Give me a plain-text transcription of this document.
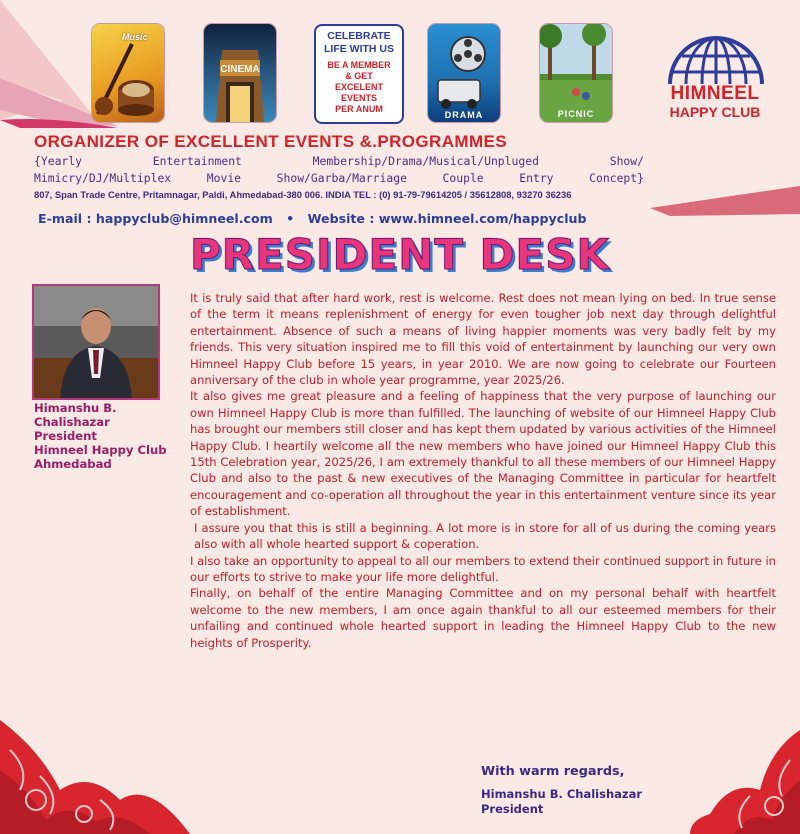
Music
CINEMA
CELEBRATE
LIFE WITH US
BE A MEMBER
& GET
EXCELENT EVENTS
PER ANUM
DRAMA	PICNIC
HIMNEEL
HAPPY CLUB
ORGANIZER OF EXCELLENT EVENTS &.PROGRAMMES
{Yearly Entertainment Membership/Drama/Musical/Unpluged Show/
Mimicry/DJ/Multiplex Movie Show/Garba/Marriage Couple Entry Concept}
807, Span Trade Centre, Pritamnagar, Paldi, Ahmedabad-380 006. INDIA TEL : (0) 91-79-79614205 / 35612808, 93270 36236
E-mail : happyclub@himneel.com • Website : www.himneel.com/happyclub
PRESIDENT DESK
Himanshu B. Chalishazar
President
Himneel Happy Club
Ahmedabad

It is truly said that after hard work, rest is welcome. Rest does not mean lying on bed. In true sense of the term it means replenishment of energy for even tougher job next day through delightful entertainment. Absence of such a means of living happier moments was very badly felt by my friends. This very situation inspired me to fill this void of entertainment by launching our very own Himneel Happy Club before 15 years, in year 2010. We are now going to celebrate our Fourteen anniversary of the club in whole year programme, year 2025/26.

It also gives me great pleasure and a feeling of happiness that the very purpose of launching our own Himneel Happy Club is more than fulfilled. The launching of website of our Himneel Happy Club has brought our members still closer and has kept them updated by various activities of the Himneel Happy Club. I heartily welcome all the new members who have joined our Himneel Happy Club this 15th Celebration year, 2025/26, I am extremely thankful to all these members of our Himneel Happy Club and also to the past & new executives of the Managing Committee in particular for heartfelt encouragement and co-operation all throughout the year in this entertainment venture since its year of establishment.

I assure you that this is still a beginning. A lot more is in store for all of us during the coming years also with all whole hearted support & coperation.

I also take an opportunity to appeal to all our members to extend their continued support in future in our efforts to strive to make your life more delightful.

Finally, on behalf of the entire Managing Committee and on my personal behalf with heartfelt welcome to the new members, I am once again thankful to all our esteemed members for their unfailing and continued whole hearted support in leading the Himneel Happy Club to the new heights of Prosperity.

With warm regards,
Himanshu B. Chalishazar
President
